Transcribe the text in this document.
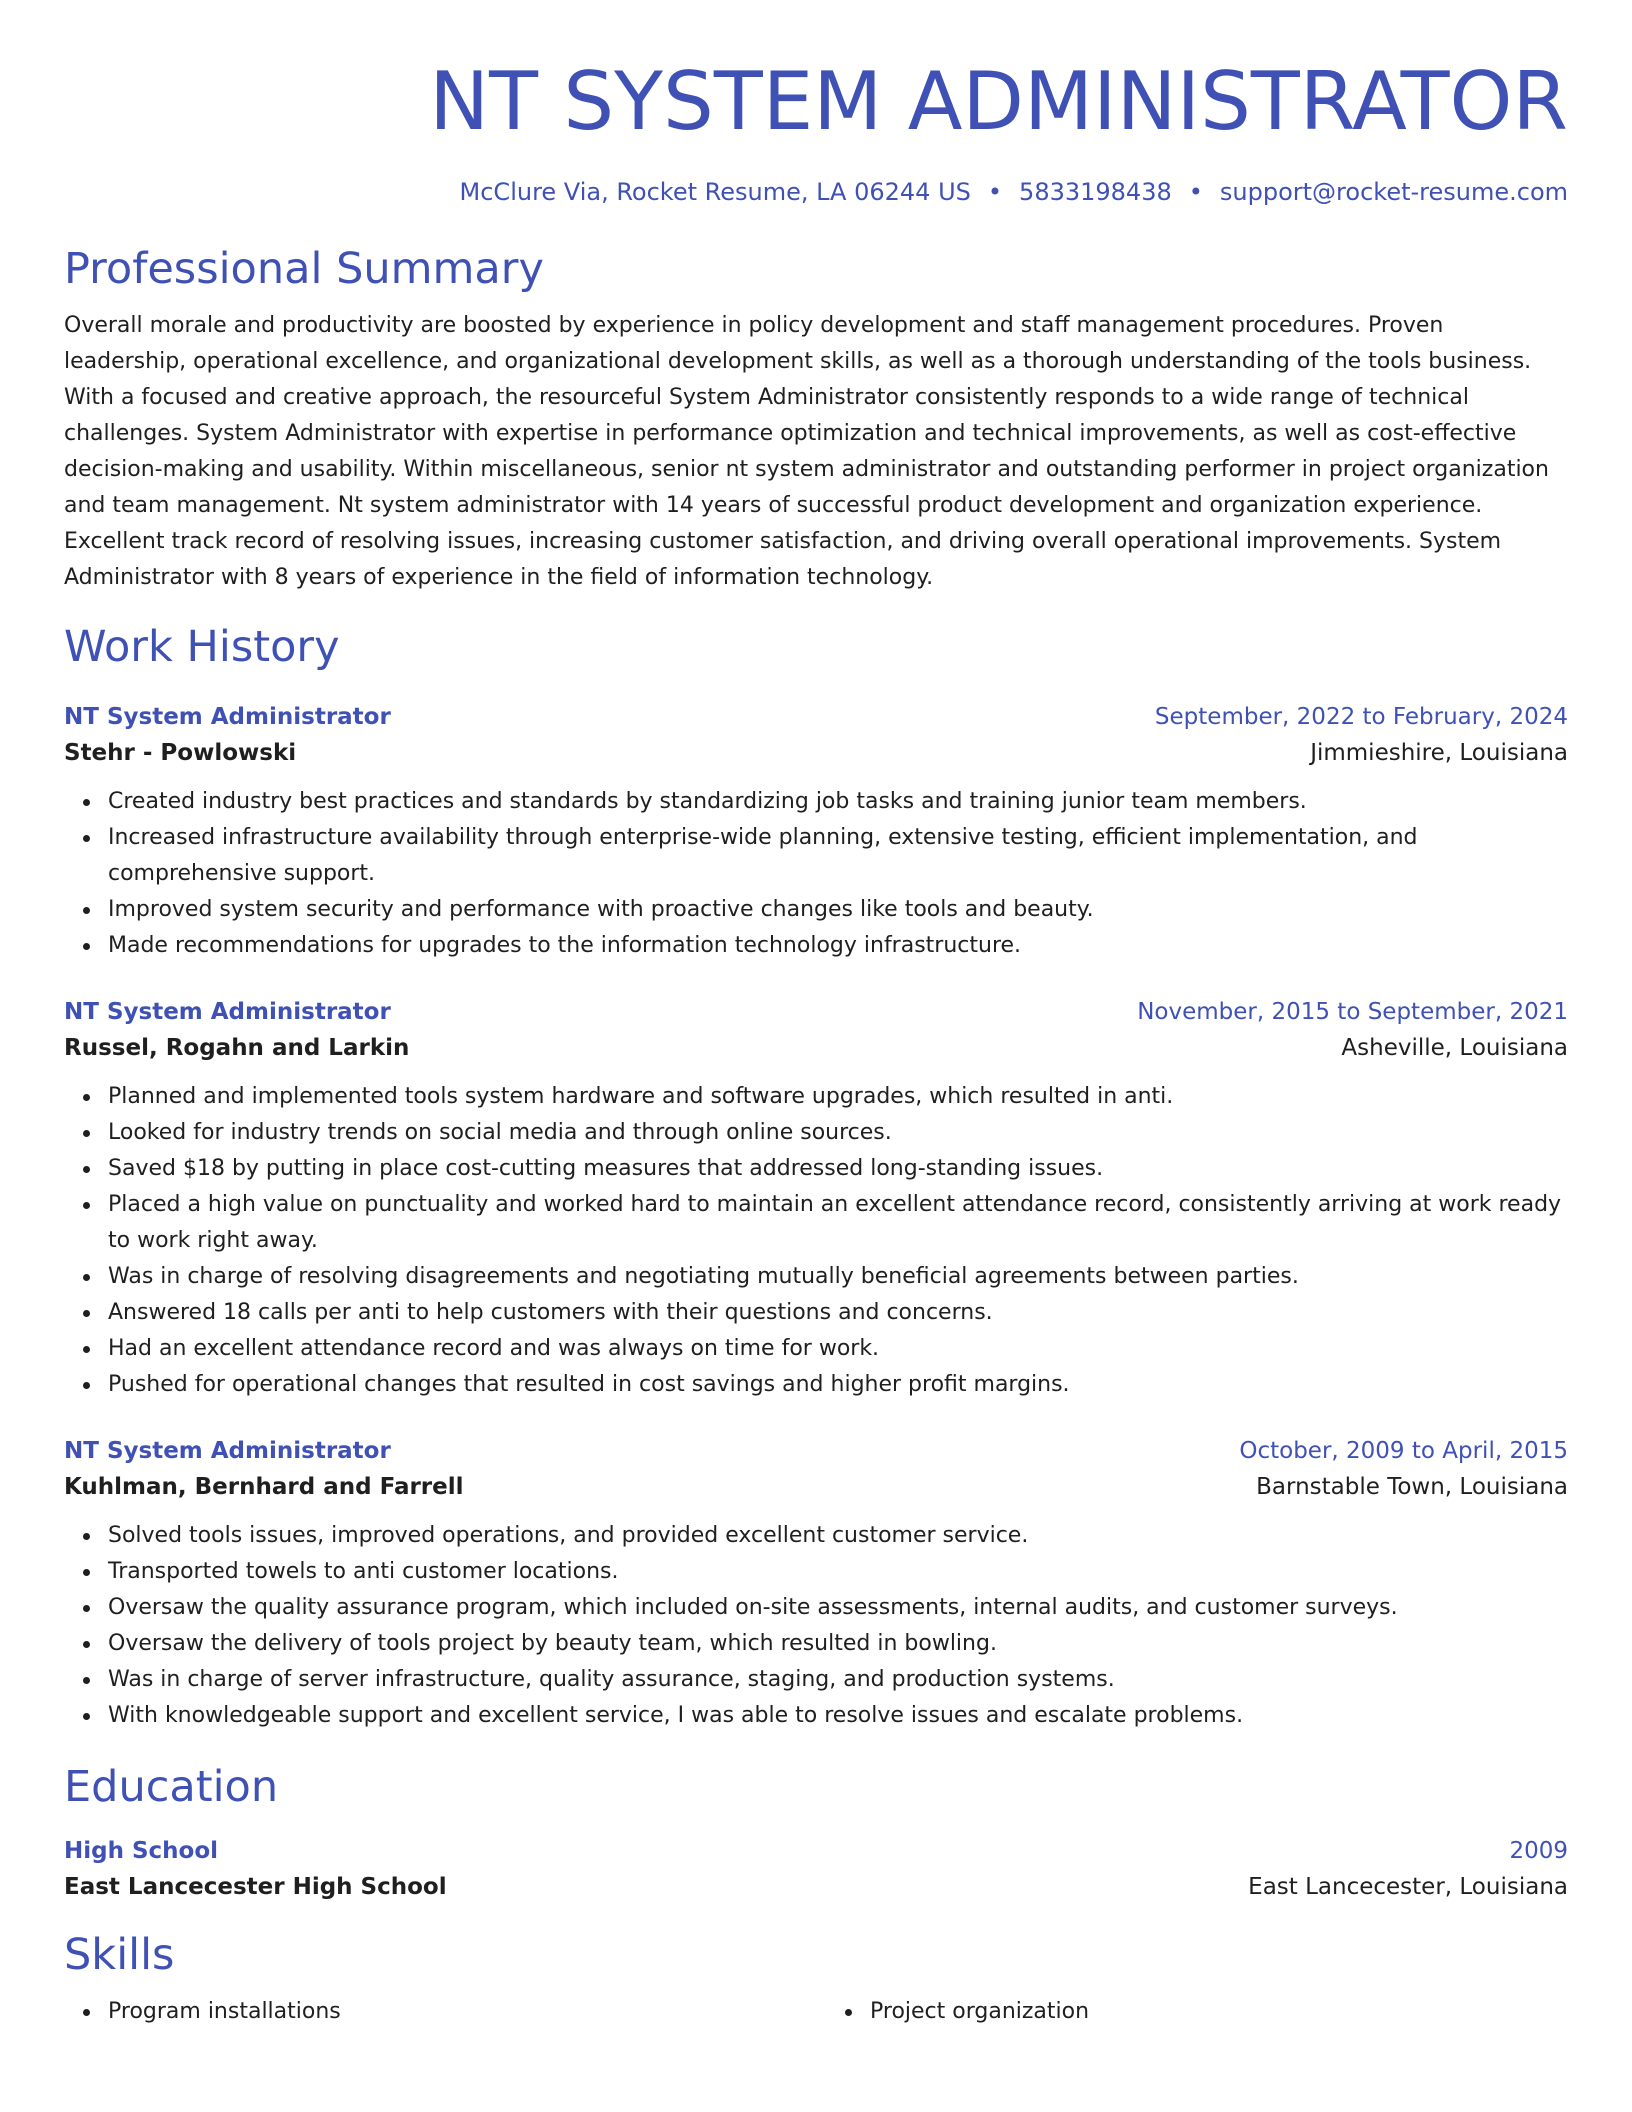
NT SYSTEM ADMINISTRATOR
McClure Via, Rocket Resume, LA 06244 US • 5833198438 • support@rocket-resume.com
Professional Summary
Overall morale and productivity are boosted by experience in policy development and staff management procedures. Proven leadership, operational excellence, and organizational development skills, as well as a thorough understanding of the tools business. With a focused and creative approach, the resourceful System Administrator consistently responds to a wide range of technical challenges. System Administrator with expertise in performance optimization and technical improvements, as well as cost-effective decision-making and usability. Within miscellaneous, senior nt system administrator and outstanding performer in project organization and team management. Nt system administrator with 14 years of successful product development and organization experience. Excellent track record of resolving issues, increasing customer satisfaction, and driving overall operational improvements. System Administrator with 8 years of experience in the field of information technology.
Work History
NT System Administrator	September, 2022 to February, 2024
Stehr - Powlowski	Jimmieshire, Louisiana
Created industry best practices and standards by standardizing job tasks and training junior team members.
Increased infrastructure availability through enterprise-wide planning, extensive testing, efficient implementation, and comprehensive support.
Improved system security and performance with proactive changes like tools and beauty.
Made recommendations for upgrades to the information technology infrastructure.
NT System Administrator	November, 2015 to September, 2021
Russel, Rogahn and Larkin	Asheville, Louisiana
Planned and implemented tools system hardware and software upgrades, which resulted in anti.
Looked for industry trends on social media and through online sources.
Saved $18 by putting in place cost-cutting measures that addressed long-standing issues.
Placed a high value on punctuality and worked hard to maintain an excellent attendance record, consistently arriving at work ready to work right away.
Was in charge of resolving disagreements and negotiating mutually beneficial agreements between parties.
Answered 18 calls per anti to help customers with their questions and concerns.
Had an excellent attendance record and was always on time for work.
Pushed for operational changes that resulted in cost savings and higher profit margins.
NT System Administrator	October, 2009 to April, 2015
Kuhlman, Bernhard and Farrell	Barnstable Town, Louisiana
Solved tools issues, improved operations, and provided excellent customer service.
Transported towels to anti customer locations.
Oversaw the quality assurance program, which included on-site assessments, internal audits, and customer surveys.
Oversaw the delivery of tools project by beauty team, which resulted in bowling.
Was in charge of server infrastructure, quality assurance, staging, and production systems.
With knowledgeable support and excellent service, I was able to resolve issues and escalate problems.
Education
High School	2009
East Lancecester High School	East Lancecester, Louisiana
Skills
Program installations	Project organization
